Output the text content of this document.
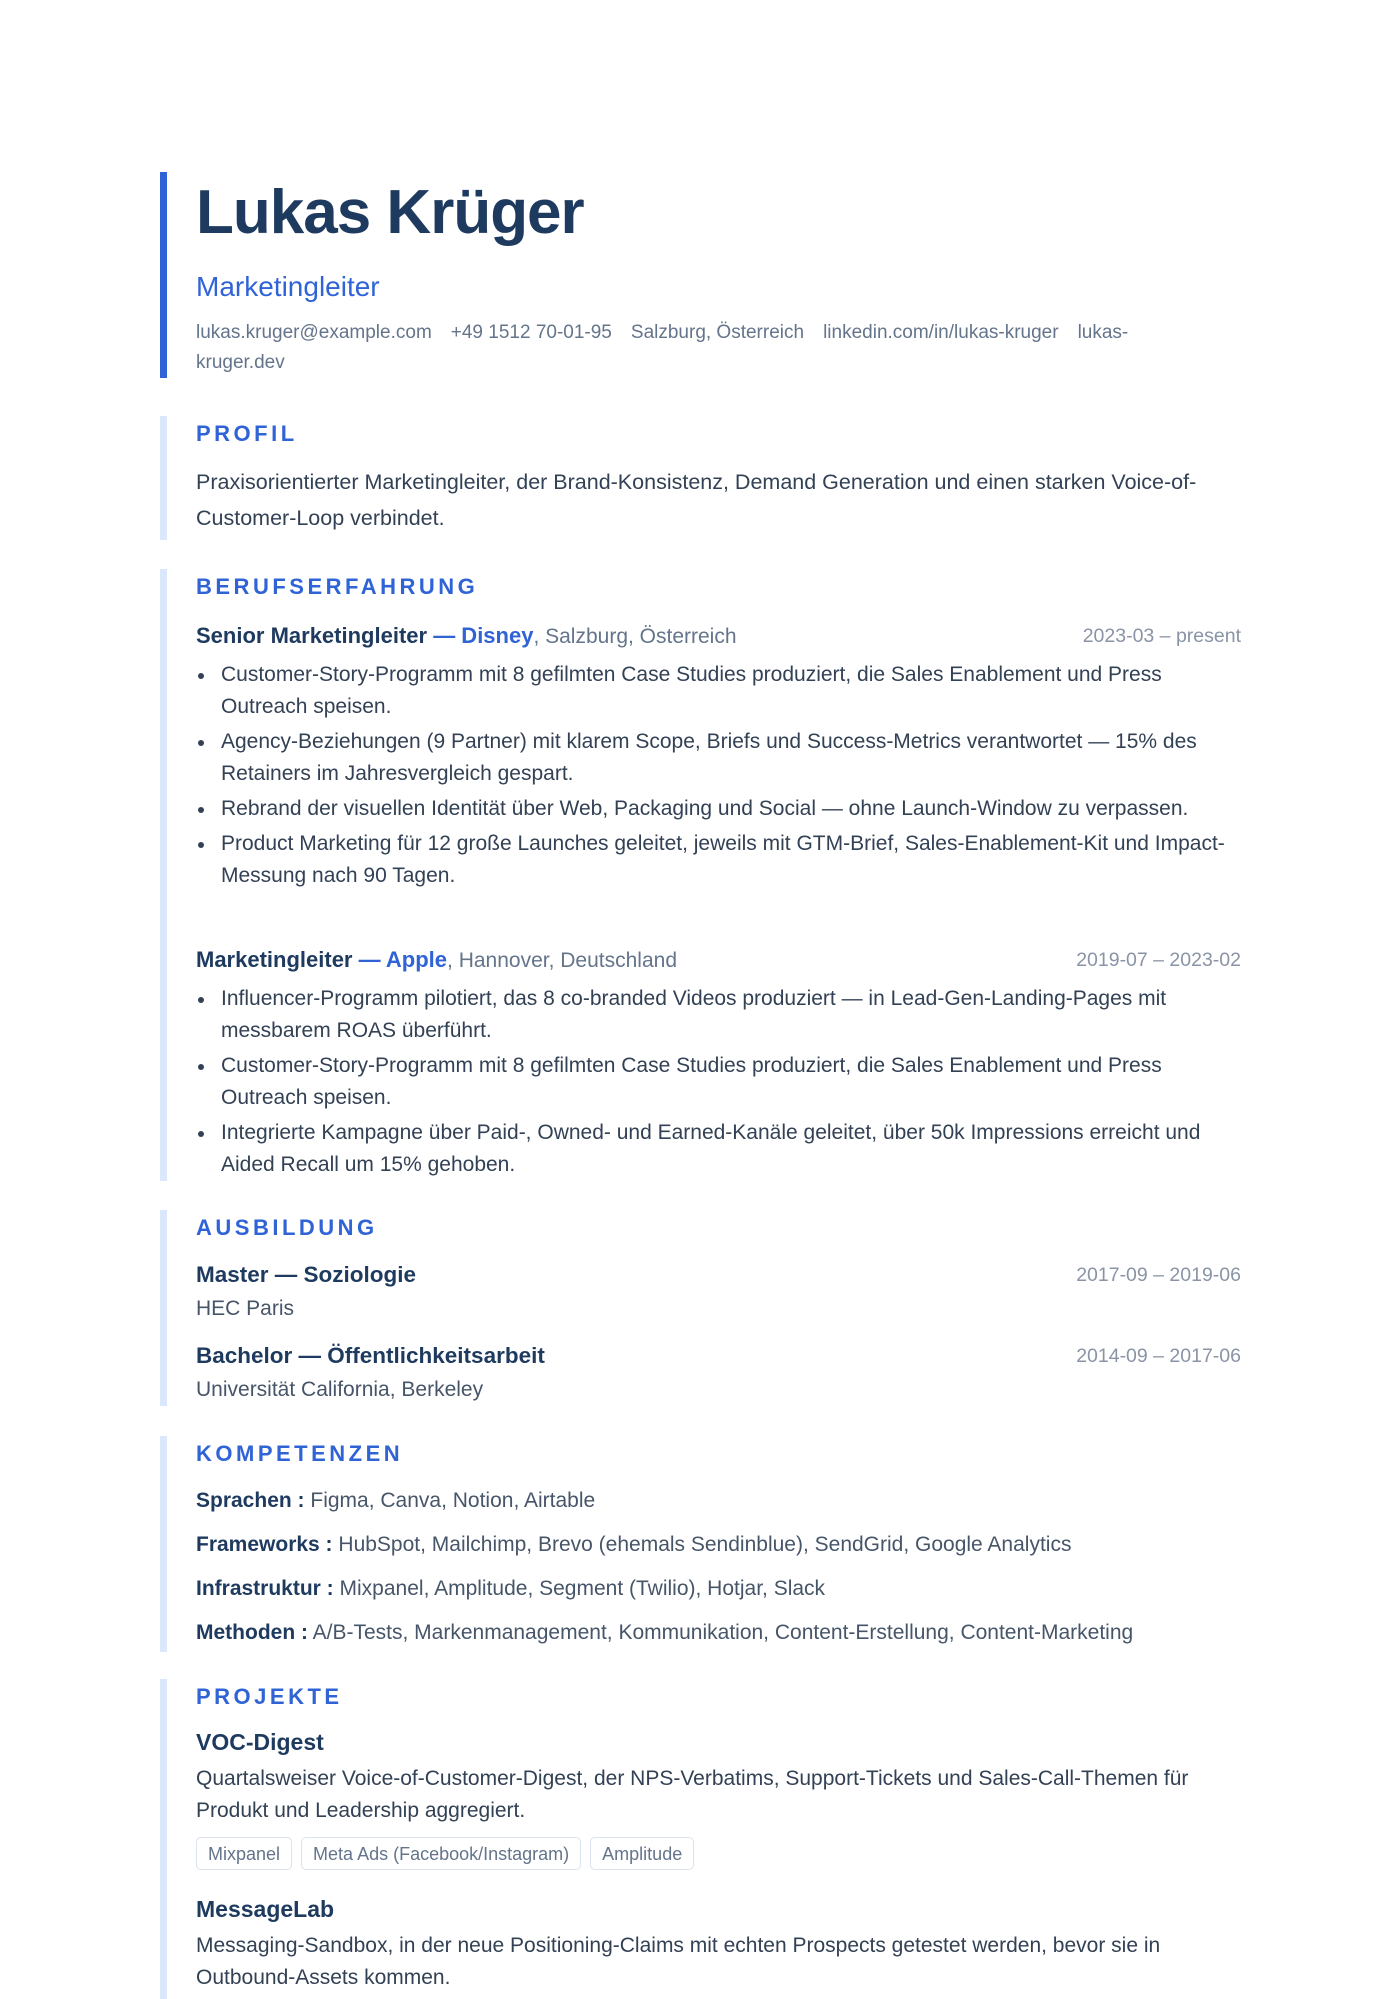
Lukas Krüger
Marketingleiter
lukas.kruger@example.com +49 1512 70-01-95 Salzburg, Österreich linkedin.com/in/lukas-kruger lukas-kruger.dev
PROFIL
Praxisorientierter Marketingleiter, der Brand-Konsistenz, Demand Generation und einen starken Voice-of-Customer-Loop verbindet.
BERUFSERFAHRUNG
Senior Marketingleiter — Disney, Salzburg, Österreich	2023-03 – present
Customer-Story-Programm mit 8 gefilmten Case Studies produziert, die Sales Enablement und Press Outreach speisen.
Agency-Beziehungen (9 Partner) mit klarem Scope, Briefs und Success-Metrics verantwortet — 15% des Retainers im Jahresvergleich gespart.
Rebrand der visuellen Identität über Web, Packaging und Social — ohne Launch-Window zu verpassen.
Product Marketing für 12 große Launches geleitet, jeweils mit GTM-Brief, Sales-Enablement-Kit und Impact-Messung nach 90 Tagen.
Marketingleiter — Apple, Hannover, Deutschland	2019-07 – 2023-02
Influencer-Programm pilotiert, das 8 co-branded Videos produziert — in Lead-Gen-Landing-Pages mit messbarem ROAS überführt.
Customer-Story-Programm mit 8 gefilmten Case Studies produziert, die Sales Enablement und Press Outreach speisen.
Integrierte Kampagne über Paid-, Owned- und Earned-Kanäle geleitet, über 50k Impressions erreicht und Aided Recall um 15% gehoben.
AUSBILDUNG
Master — Soziologie	2017-09 – 2019-06
HEC Paris
Bachelor — Öffentlichkeitsarbeit	2014-09 – 2017-06
Universität California, Berkeley
KOMPETENZEN
Sprachen : Figma, Canva, Notion, Airtable
Frameworks : HubSpot, Mailchimp, Brevo (ehemals Sendinblue), SendGrid, Google Analytics
Infrastruktur : Mixpanel, Amplitude, Segment (Twilio), Hotjar, Slack
Methoden : A/B-Tests, Markenmanagement, Kommunikation, Content-Erstellung, Content-Marketing
PROJEKTE
VOC-Digest
Quartalsweiser Voice-of-Customer-Digest, der NPS-Verbatims, Support-Tickets und Sales-Call-Themen für Produkt und Leadership aggregiert.
Mixpanel	Meta Ads (Facebook/Instagram)	Amplitude
MessageLab
Messaging-Sandbox, in der neue Positioning-Claims mit echten Prospects getestet werden, bevor sie in Outbound-Assets kommen.
